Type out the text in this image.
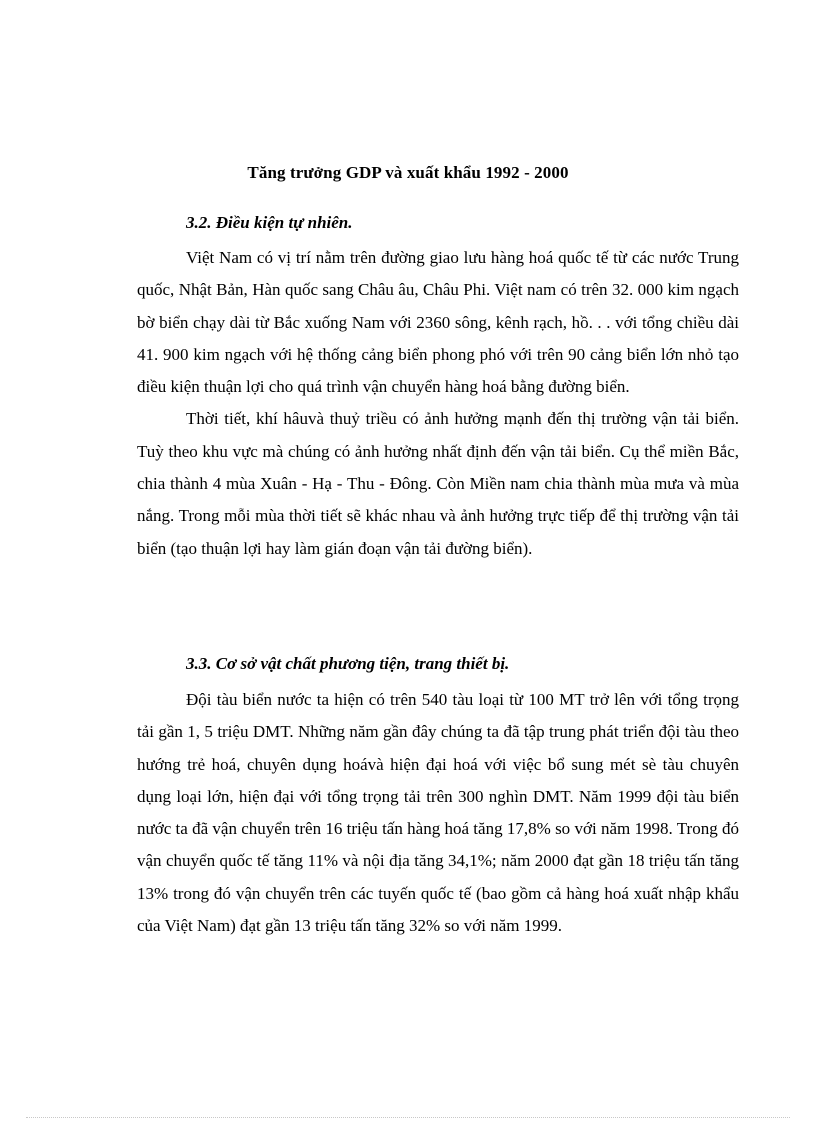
Tăng trưởng GDP và xuất khẩu 1992 - 2000
3.2. Điều kiện tự nhiên.

Việt Nam có vị trí nằm trên đường giao lưu hàng hoá quốc tế từ các nước Trung quốc, Nhật Bản, Hàn quốc sang Châu âu, Châu Phi. Việt nam có trên 32. 000 kim ngạch bờ biển chạy dài từ Bắc xuống Nam với 2360 sông, kênh rạch, hồ. . . với tổng chiều dài 41. 900 kim ngạch với hệ thống cảng biển phong phó với trên 90 cảng biển lớn nhỏ tạo điều kiện thuận lợi cho quá trình vận chuyển hàng hoá bằng đường biển.

Thời tiết, khí hâuvà thuỷ triều có ảnh hưởng mạnh đến thị trường vận tải biển. Tuỳ theo khu vực mà chúng có ảnh hưởng nhất định đến vận tải biển. Cụ thể miền Bắc, chia thành 4 mùa Xuân - Hạ - Thu - Đông. Còn Miền nam chia thành mùa mưa và mùa nắng. Trong mỗi mùa thời tiết sẽ khác nhau và ảnh hưởng trực tiếp để thị trường vận tải biển (tạo thuận lợi hay làm gián đoạn vận tải đường biển).

3.3. Cơ sở vật chất phương tiện, trang thiết bị.

Đội tàu biển nước ta hiện có trên 540 tàu loại từ 100 MT trở lên với tổng trọng tải gần 1, 5 triệu DMT. Những năm gần đây chúng ta đã tập trung phát triển đội tàu theo hướng trẻ hoá, chuyên dụng hoávà hiện đại hoá với việc bổ sung mét sè tàu chuyên dụng loại lớn, hiện đại với tổng trọng tải trên 300 nghìn DMT. Năm 1999 đội tàu biển nước ta đã vận chuyển trên 16 triệu tấn hàng hoá tăng 17,8% so với năm 1998. Trong đó vận chuyển quốc tế tăng 11% và nội địa tăng 34,1%; năm 2000 đạt gần 18 triệu tấn tăng 13% trong đó vận chuyển trên các tuyến quốc tế (bao gồm cả hàng hoá xuất nhập khẩu của Việt Nam) đạt gần 13 triệu tấn tăng 32% so với năm 1999.
